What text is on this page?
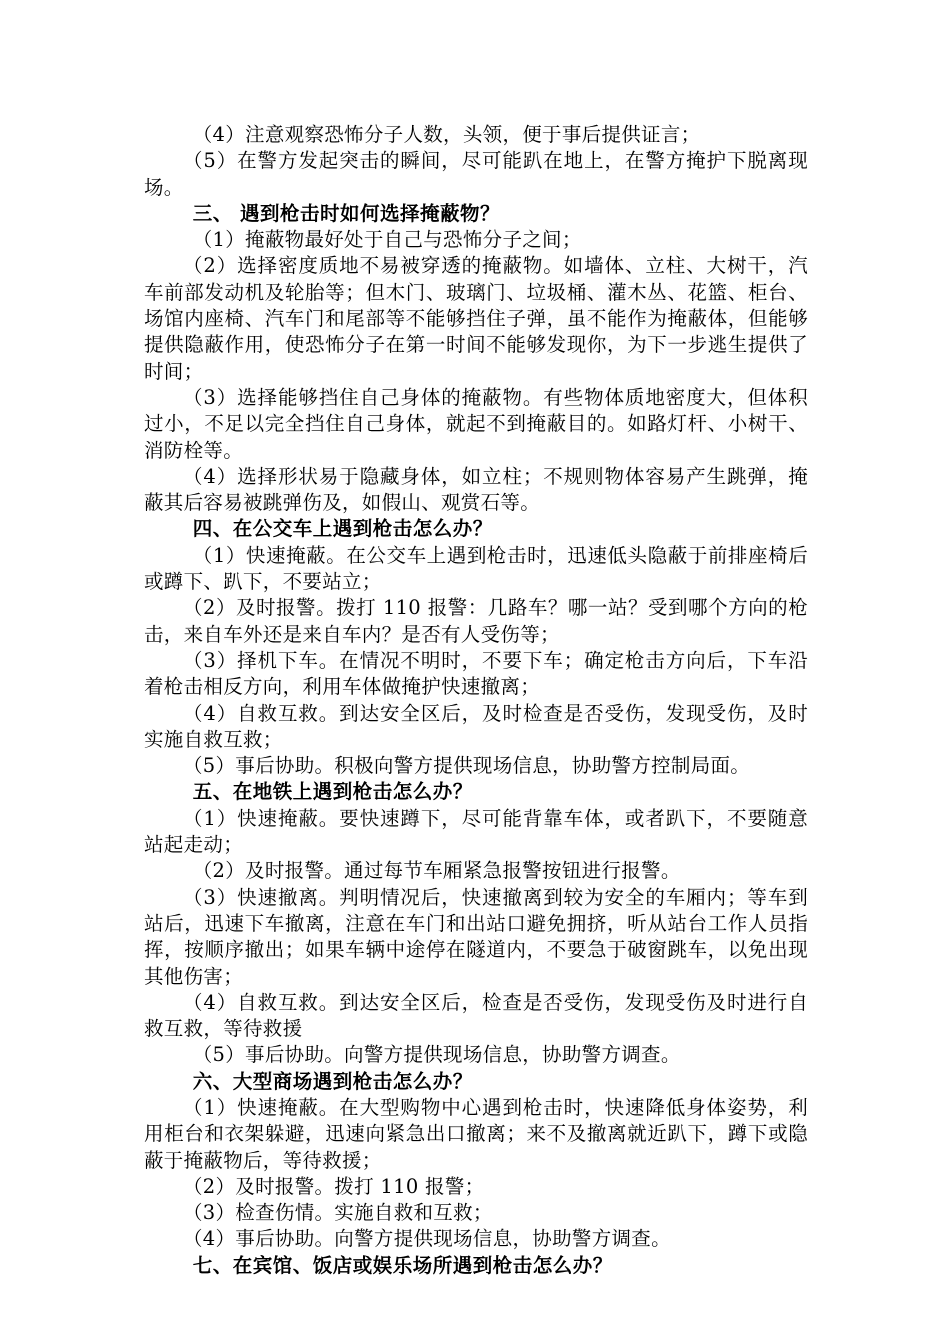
（4）注意观察恐怖分子人数，头领，便于事后提供证言；

（5）在警方发起突击的瞬间，尽可能趴在地上，在警方掩护下脱离现场。

三、 遇到枪击时如何选择掩蔽物？

（1）掩蔽物最好处于自己与恐怖分子之间；

（2）选择密度质地不易被穿透的掩蔽物。如墙体、立柱、大树干，汽车前部发动机及轮胎等；但木门、玻璃门、垃圾桶、灌木丛、花篮、柜台、场馆内座椅、汽车门和尾部等不能够挡住子弹，虽不能作为掩蔽体，但能够提供隐蔽作用，使恐怖分子在第一时间不能够发现你，为下一步逃生提供了时间；

（3）选择能够挡住自己身体的掩蔽物。有些物体质地密度大，但体积过小，不足以完全挡住自己身体，就起不到掩蔽目的。如路灯杆、小树干、消防栓等。

（4）选择形状易于隐藏身体，如立柱；不规则物体容易产生跳弹，掩蔽其后容易被跳弹伤及，如假山、观赏石等。

四、在公交车上遇到枪击怎么办？

（1）快速掩蔽。在公交车上遇到枪击时，迅速低头隐蔽于前排座椅后或蹲下、趴下，不要站立；

（2）及时报警。拨打 110 报警：几路车？哪一站？受到哪个方向的枪击，来自车外还是来自车内？是否有人受伤等；

（3）择机下车。在情况不明时，不要下车；确定枪击方向后，下车沿着枪击相反方向，利用车体做掩护快速撤离；

（4）自救互救。到达安全区后，及时检查是否受伤，发现受伤，及时实施自救互救；

（5）事后协助。积极向警方提供现场信息，协助警方控制局面。

五、在地铁上遇到枪击怎么办？

（1）快速掩蔽。要快速蹲下，尽可能背靠车体，或者趴下，不要随意站起走动；

（2）及时报警。通过每节车厢紧急报警按钮进行报警。

（3）快速撤离。判明情况后，快速撤离到较为安全的车厢内；等车到站后，迅速下车撤离，注意在车门和出站口避免拥挤，听从站台工作人员指挥，按顺序撤出；如果车辆中途停在隧道内，不要急于破窗跳车，以免出现其他伤害；

（4）自救互救。到达安全区后，检查是否受伤，发现受伤及时进行自救互救，等待救援

（5）事后协助。向警方提供现场信息，协助警方调查。

六、大型商场遇到枪击怎么办？

（1）快速掩蔽。在大型购物中心遇到枪击时，快速降低身体姿势，利用柜台和衣架躲避，迅速向紧急出口撤离；来不及撤离就近趴下，蹲下或隐蔽于掩蔽物后，等待救援；

（2）及时报警。拨打 110 报警；

（3）检查伤情。实施自救和互救；

（4）事后协助。向警方提供现场信息，协助警方调查。

七、在宾馆、饭店或娱乐场所遇到枪击怎么办？
